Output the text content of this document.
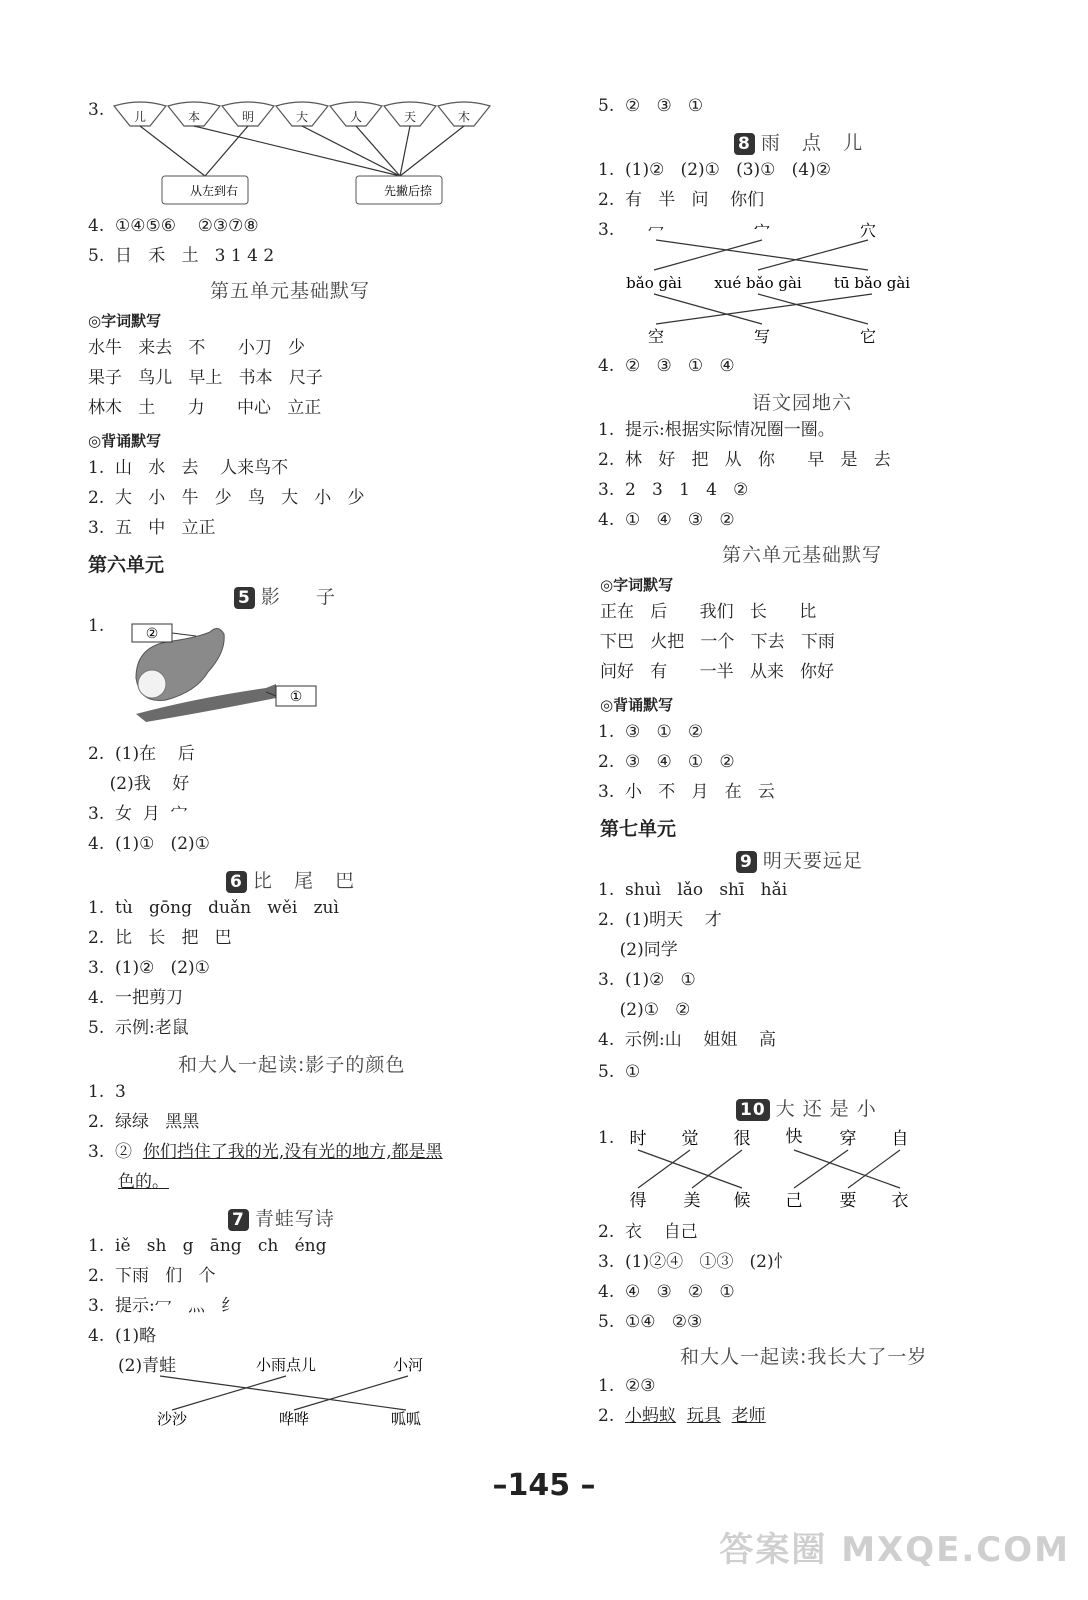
3. 儿	本	明	大	人	天	木
从左到右	先撇后捺
4.  ①④⑤⑥    ②③⑦⑧
5.  日   禾   土   3 1 4 2
第五单元基础默写
◎字词默写
水牛   来去   不      小刀   少
果子   鸟儿   早上   书本   尺子
林木   土      力      中心   立正
◎背诵默写
1.  山   水   去    人来鸟不
2.  大   小   牛   少   鸟   大   小   少
3.  五   中   立正
第六单元
5 影     子
1.	②
①
2.  (1)在    后
(2)我    好
3.  女  月  宀
4.  (1)①   (2)①
6 比   尾   巴
1.  tù   gōng   duǎn   wěi   zuì
2.  比   长   把   巴
3.  (1)②   (2)①
4.  一把剪刀
5.  示例:老鼠
和大人一起读:影子的颜色
1.  3
2.  绿绿   黑黑
3.  ② 你们挡住了我的光,没有光的地方,都是黑
色的。
7 青蛙写诗
1.  iě   sh   g   āng   ch   éng
2.  下雨   们   个
3.  提示:冖   灬   纟
4.  (1)略
(2)青蛙	小雨点儿	小河
沙沙	哗哗	呱呱
5.  ②   ③   ①
8 雨   点   儿
1.  (1)②   (2)①   (3)①   (4)②
2.  有   半   问    你们
3. 冖	宀	穴
bǎo gài xué bǎo gài tū bǎo gài
空	写	它
4.  ②   ③   ①   ④
语文园地六
1.  提示:根据实际情况圈一圈。
2.  林   好   把   从   你      早   是   去
3.  2   3   1   4   ②
4.  ①   ④   ③   ②
第六单元基础默写
◎字词默写
正在   后      我们   长      比
下巴   火把   一个   下去   下雨
问好   有      一半   从来   你好
◎背诵默写
1.  ③   ①   ②
2.  ③   ④   ①   ②
3.  小   不   月   在   云
第七单元
9 明天要远足
1.  shuì   lǎo   shī   hǎi
2.  (1)明天    才
(2)同学
3.  (1)②   ①
(2)①   ②
4.  示例:山    姐姐    高
5.  ①
10 大 还 是 小
1. 时 觉 很 快 穿 自
得 美 候 己 要 衣
2.  衣    自己
3.  (1)②④   ①③   (2)忄
4.  ④   ③   ②   ①
5.  ①④   ②③
和大人一起读:我长大了一岁
1.  ②③
2. 小蚂蚁 玩具 老师
–145 –
答案圈 MXQE.COM
